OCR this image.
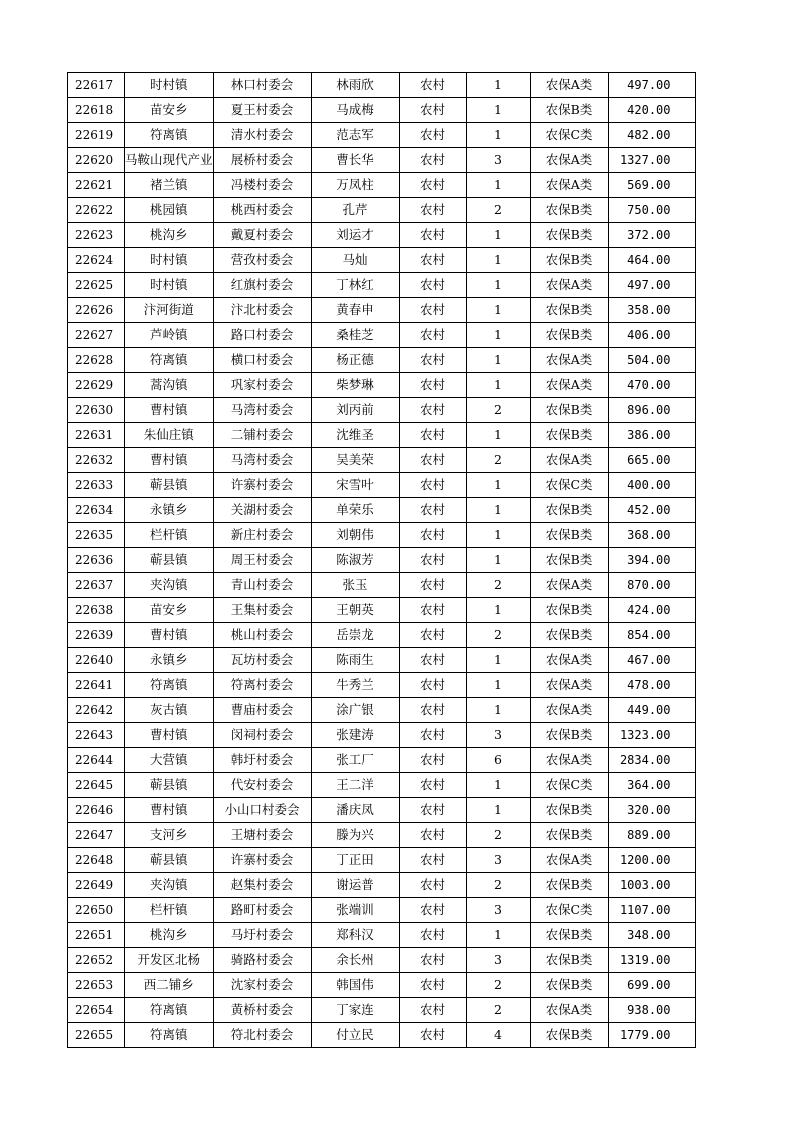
22617	时村镇	林口村委会	林雨欣	农村	1	农保A类	497.00
22618	苗安乡	夏王村委会	马成梅	农村	1	农保B类	420.00
22619	符离镇	清水村委会	范志军	农村	1	农保C类	482.00
22620	马鞍山现代产业	展桥村委会	曹长华	农村	3	农保A类	1327.00
22621	褚兰镇	冯楼村委会	万凤柱	农村	1	农保A类	569.00
22622	桃园镇	桃西村委会	孔芹	农村	2	农保B类	750.00
22623	桃沟乡	戴夏村委会	刘运才	农村	1	农保B类	372.00
22624	时村镇	营孜村委会	马灿	农村	1	农保B类	464.00
22625	时村镇	红旗村委会	丁林红	农村	1	农保A类	497.00
22626	汴河街道	汴北村委会	黄春申	农村	1	农保B类	358.00
22627	芦岭镇	路口村委会	桑桂芝	农村	1	农保B类	406.00
22628	符离镇	横口村委会	杨正德	农村	1	农保A类	504.00
22629	蒿沟镇	巩家村委会	柴梦琳	农村	1	农保A类	470.00
22630	曹村镇	马湾村委会	刘丙前	农村	2	农保B类	896.00
22631	朱仙庄镇	二铺村委会	沈维圣	农村	1	农保B类	386.00
22632	曹村镇	马湾村委会	吴美荣	农村	2	农保A类	665.00
22633	蕲县镇	许寨村委会	宋雪叶	农村	1	农保C类	400.00
22634	永镇乡	关湖村委会	单荣乐	农村	1	农保B类	452.00
22635	栏杆镇	新庄村委会	刘朝伟	农村	1	农保B类	368.00
22636	蕲县镇	周王村委会	陈淑芳	农村	1	农保B类	394.00
22637	夹沟镇	青山村委会	张玉	农村	2	农保A类	870.00
22638	苗安乡	王集村委会	王朝英	农村	1	农保B类	424.00
22639	曹村镇	桃山村委会	岳崇龙	农村	2	农保B类	854.00
22640	永镇乡	瓦坊村委会	陈雨生	农村	1	农保A类	467.00
22641	符离镇	符离村委会	牛秀兰	农村	1	农保A类	478.00
22642	灰古镇	曹庙村委会	涂广银	农村	1	农保A类	449.00
22643	曹村镇	闵祠村委会	张建涛	农村	3	农保B类	1323.00
22644	大营镇	韩圩村委会	张工厂	农村	6	农保A类	2834.00
22645	蕲县镇	代安村委会	王二洋	农村	1	农保C类	364.00
22646	曹村镇	小山口村委会	潘庆凤	农村	1	农保B类	320.00
22647	支河乡	王塘村委会	滕为兴	农村	2	农保B类	889.00
22648	蕲县镇	许寨村委会	丁正田	农村	3	农保A类	1200.00
22649	夹沟镇	赵集村委会	谢运普	农村	2	农保B类	1003.00
22650	栏杆镇	路町村委会	张端训	农村	3	农保C类	1107.00
22651	桃沟乡	马圩村委会	郑科汉	农村	1	农保B类	348.00
22652	开发区北杨	骑路村委会	余长州	农村	3	农保B类	1319.00
22653	西二铺乡	沈家村委会	韩国伟	农村	2	农保B类	699.00
22654	符离镇	黄桥村委会	丁家连	农村	2	农保A类	938.00
22655	符离镇	符北村委会	付立民	农村	4	农保B类	1779.00
